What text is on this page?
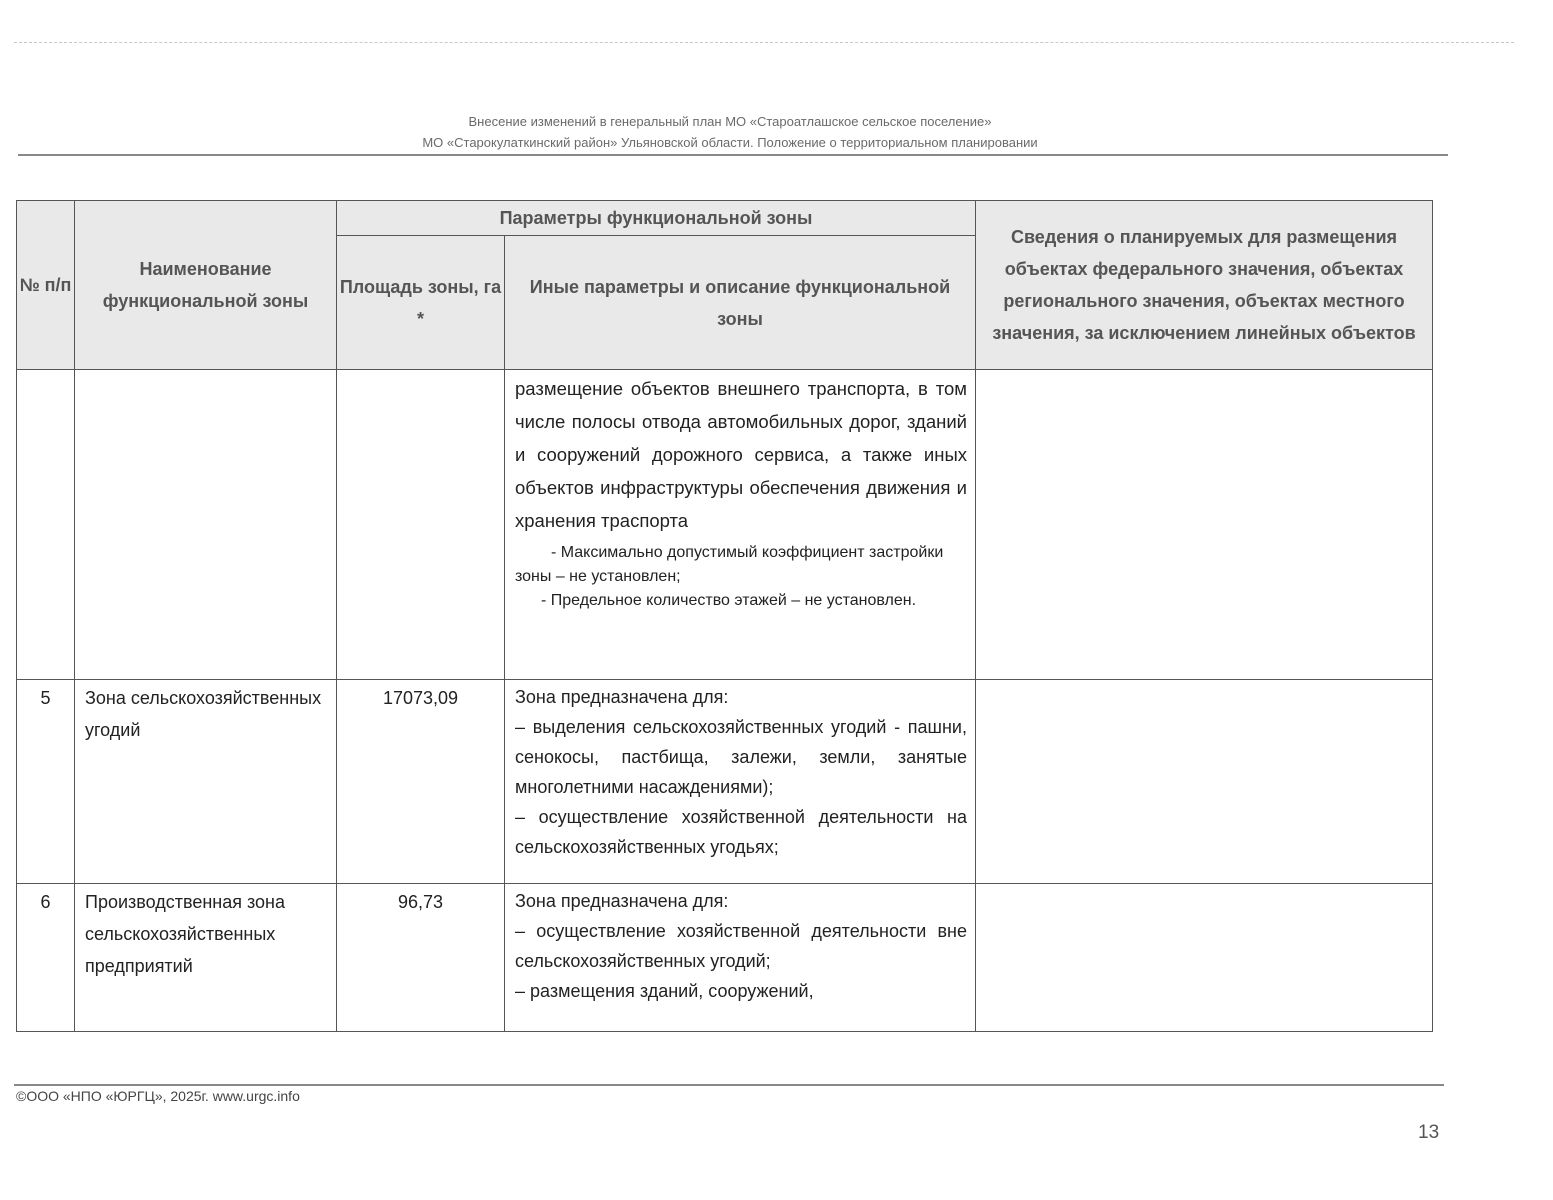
Внесение изменений в генеральный план МО «Староатлашское сельское поселение»
МО «Старокулаткинский район» Ульяновской области. Положение о территориальном планировании
№ п/п	Наименование функциональной зоны	Параметры функциональной зоны		Сведения о планируемых для размещения объектах федерального значения, объектах регионального значения, объектах местного значения, за исключением линейных объектов
		Площадь зоны, га *	Иные параметры и описание функциональной зоны	

			размещение объектов внешнего транспорта, в том числе полосы отвода автомобильных дорог, зданий и сооружений дорожного сервиса, а также иных объектов инфраструктуры обеспечения движения и хранения траспорта
- Максимально допустимый коэффициент застройки зоны – не установлен;
- Предельное количество этажей – не установлен.	

5	Зона сельскохозяйственных угодий	17073,09	Зона предназначена для:
– выделения сельскохозяйственных угодий - пашни, сенокосы, пастбища, залежи, земли, занятые многолетними насаждениями);
– осуществление хозяйственной деятельности на сельскохозяйственных угодьях;	

6	Производственная зона сельскохозяйственных предприятий	96,73	Зона предназначена для:
– осуществление хозяйственной деятельности вне сельскохозяйственных угодий;
– размещения зданий, сооружений,	

©ООО «НПО «ЮРГЦ», 2025г. www.urgc.info
13
